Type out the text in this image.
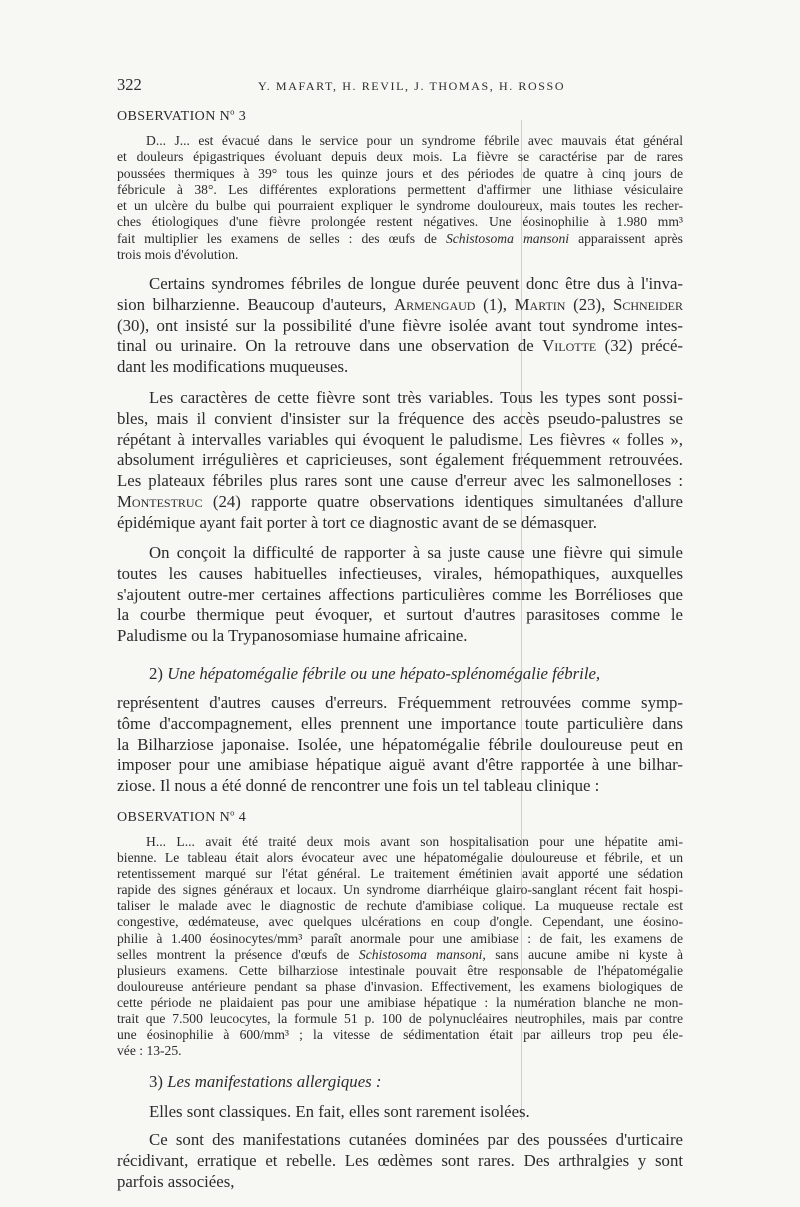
322	Y. MAFART, H. REVIL, J. THOMAS, H. ROSSO
OBSERVATION $N^o$ 3
D... J... est évacué dans le service pour un syndrome fébrile avec mauvais état général
et douleurs épigastriques évoluant depuis deux mois. La fièvre se caractérise par de rares
poussées thermiques à 39° tous les quinze jours et des périodes de quatre à cinq jours de
fébricule à 38°. Les différentes explorations permettent d'affirmer une lithiase vésiculaire
et un ulcère du bulbe qui pourraient expliquer le syndrome douloureux, mais toutes les recher-
ches étiologiques d'une fièvre prolongée restent négatives. Une éosinophilie à 1.980 mm³
fait multiplier les examens de selles : des œufs de Schistosoma mansoni apparaissent après
trois mois d'évolution.
Certains syndromes fébriles de longue durée peuvent donc être dus à l'inva-
sion bilharzienne. Beaucoup d'auteurs, Armengaud (1), Martin (23), Schneider
(30), ont insisté sur la possibilité d'une fièvre isolée avant tout syndrome intes-
tinal ou urinaire. On la retrouve dans une observation de Vilotte (32) précé-
dant les modifications muqueuses.
Les caractères de cette fièvre sont très variables. Tous les types sont possi-
bles, mais il convient d'insister sur la fréquence des accès pseudo-palustres se
répétant à intervalles variables qui évoquent le paludisme. Les fièvres « folles »,
absolument irrégulières et capricieuses, sont également fréquemment retrouvées.
Les plateaux fébriles plus rares sont une cause d'erreur avec les salmonelloses :
Montestruc (24) rapporte quatre observations identiques simultanées d'allure
épidémique ayant fait porter à tort ce diagnostic avant de se démasquer.
On conçoit la difficulté de rapporter à sa juste cause une fièvre qui simule
toutes les causes habituelles infectieuses, virales, hémopathiques, auxquelles
s'ajoutent outre-mer certaines affections particulières comme les Borrélioses que
la courbe thermique peut évoquer, et surtout d'autres parasitoses comme le
Paludisme ou la Trypanosomiase humaine africaine.
2) Une hépatomégalie fébrile ou une hépato-splénomégalie fébrile,
représentent d'autres causes d'erreurs. Fréquemment retrouvées comme symp-
tôme d'accompagnement, elles prennent une importance toute particulière dans
la Bilharziose japonaise. Isolée, une hépatomégalie fébrile douloureuse peut en
imposer pour une amibiase hépatique aiguë avant d'être rapportée à une bilhar-
ziose. Il nous a été donné de rencontrer une fois un tel tableau clinique :
OBSERVATION $N^o$ 4
H... L... avait été traité deux mois avant son hospitalisation pour une hépatite ami-
bienne. Le tableau était alors évocateur avec une hépatomégalie douloureuse et fébrile, et un
retentissement marqué sur l'état général. Le traitement émétinien avait apporté une sédation
rapide des signes généraux et locaux. Un syndrome diarrhéique glairo-sanglant récent fait hospi-
taliser le malade avec le diagnostic de rechute d'amibiase colique. La muqueuse rectale est
congestive, œdémateuse, avec quelques ulcérations en coup d'ongle. Cependant, une éosino-
philie à 1.400 éosinocytes/mm³ paraît anormale pour une amibiase : de fait, les examens de
selles montrent la présence d'œufs de Schistosoma mansoni, sans aucune amibe ni kyste à
plusieurs examens. Cette bilharziose intestinale pouvait être responsable de l'hépatomégalie
douloureuse antérieure pendant sa phase d'invasion. Effectivement, les examens biologiques de
cette période ne plaidaient pas pour une amibiase hépatique : la numération blanche ne mon-
trait que 7.500 leucocytes, la formule 51 p. 100 de polynucléaires neutrophiles, mais par contre
une éosinophilie à 600/mm³ ; la vitesse de sédimentation était par ailleurs trop peu éle-
vée : 13-25.
3) Les manifestations allergiques :
Elles sont classiques. En fait, elles sont rarement isolées.
Ce sont des manifestations cutanées dominées par des poussées d'urticaire
récidivant, erratique et rebelle. Les œdèmes sont rares. Des arthralgies y sont
parfois associées,
